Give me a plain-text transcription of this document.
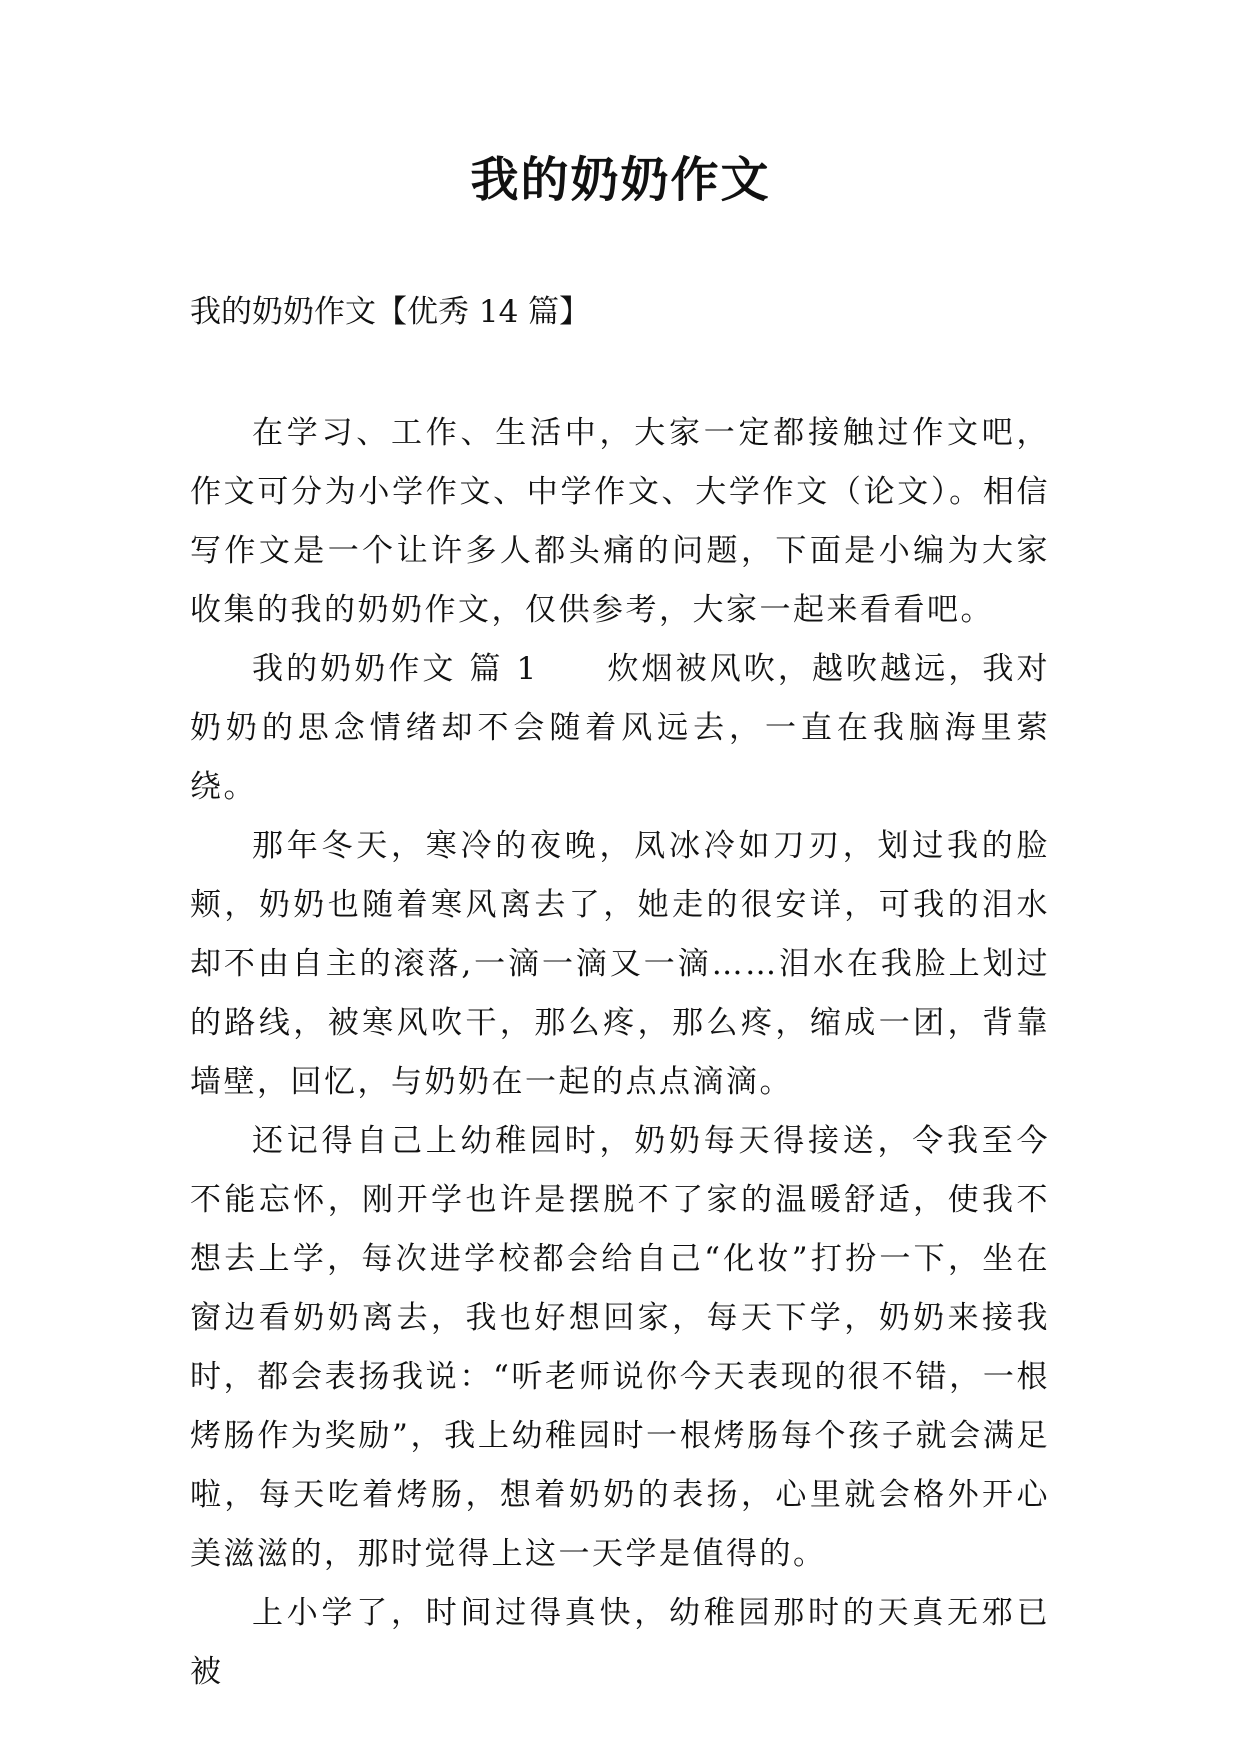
我的奶奶作文

我的奶奶作文【优秀 14 篇】

在学习、工作、生活中，大家一定都接触过作文吧，作文可分为小学作文、中学作文、大学作文（论文）。相信写作文是一个让许多人都头痛的问题，下面是小编为大家收集的我的奶奶作文，仅供参考，大家一起来看看吧。

我的奶奶作文 篇 1　　炊烟被风吹，越吹越远，我对奶奶的思念情绪却不会随着风远去，一直在我脑海里萦绕。

那年冬天，寒冷的夜晚，凤冰冷如刀刃，划过我的脸颊，奶奶也随着寒风离去了，她走的很安详，可我的泪水却不由自主的滚落,一滴一滴又一滴……泪水在我脸上划过的路线，被寒风吹干，那么疼，那么疼，缩成一团，背靠墙壁，回忆，与奶奶在一起的点点滴滴。

还记得自己上幼稚园时，奶奶每天得接送，令我至今不能忘怀，刚开学也许是摆脱不了家的温暖舒适，使我不想去上学，每次进学校都会给自己“化妆”打扮一下，坐在窗边看奶奶离去，我也好想回家，每天下学，奶奶来接我时，都会表扬我说：“听老师说你今天表现的很不错，一根烤肠作为奖励”，我上幼稚园时一根烤肠每个孩子就会满足啦，每天吃着烤肠，想着奶奶的表扬，心里就会格外开心美滋滋的，那时觉得上这一天学是值得的。

上小学了，时间过得真快，幼稚园那时的天真无邪已被
